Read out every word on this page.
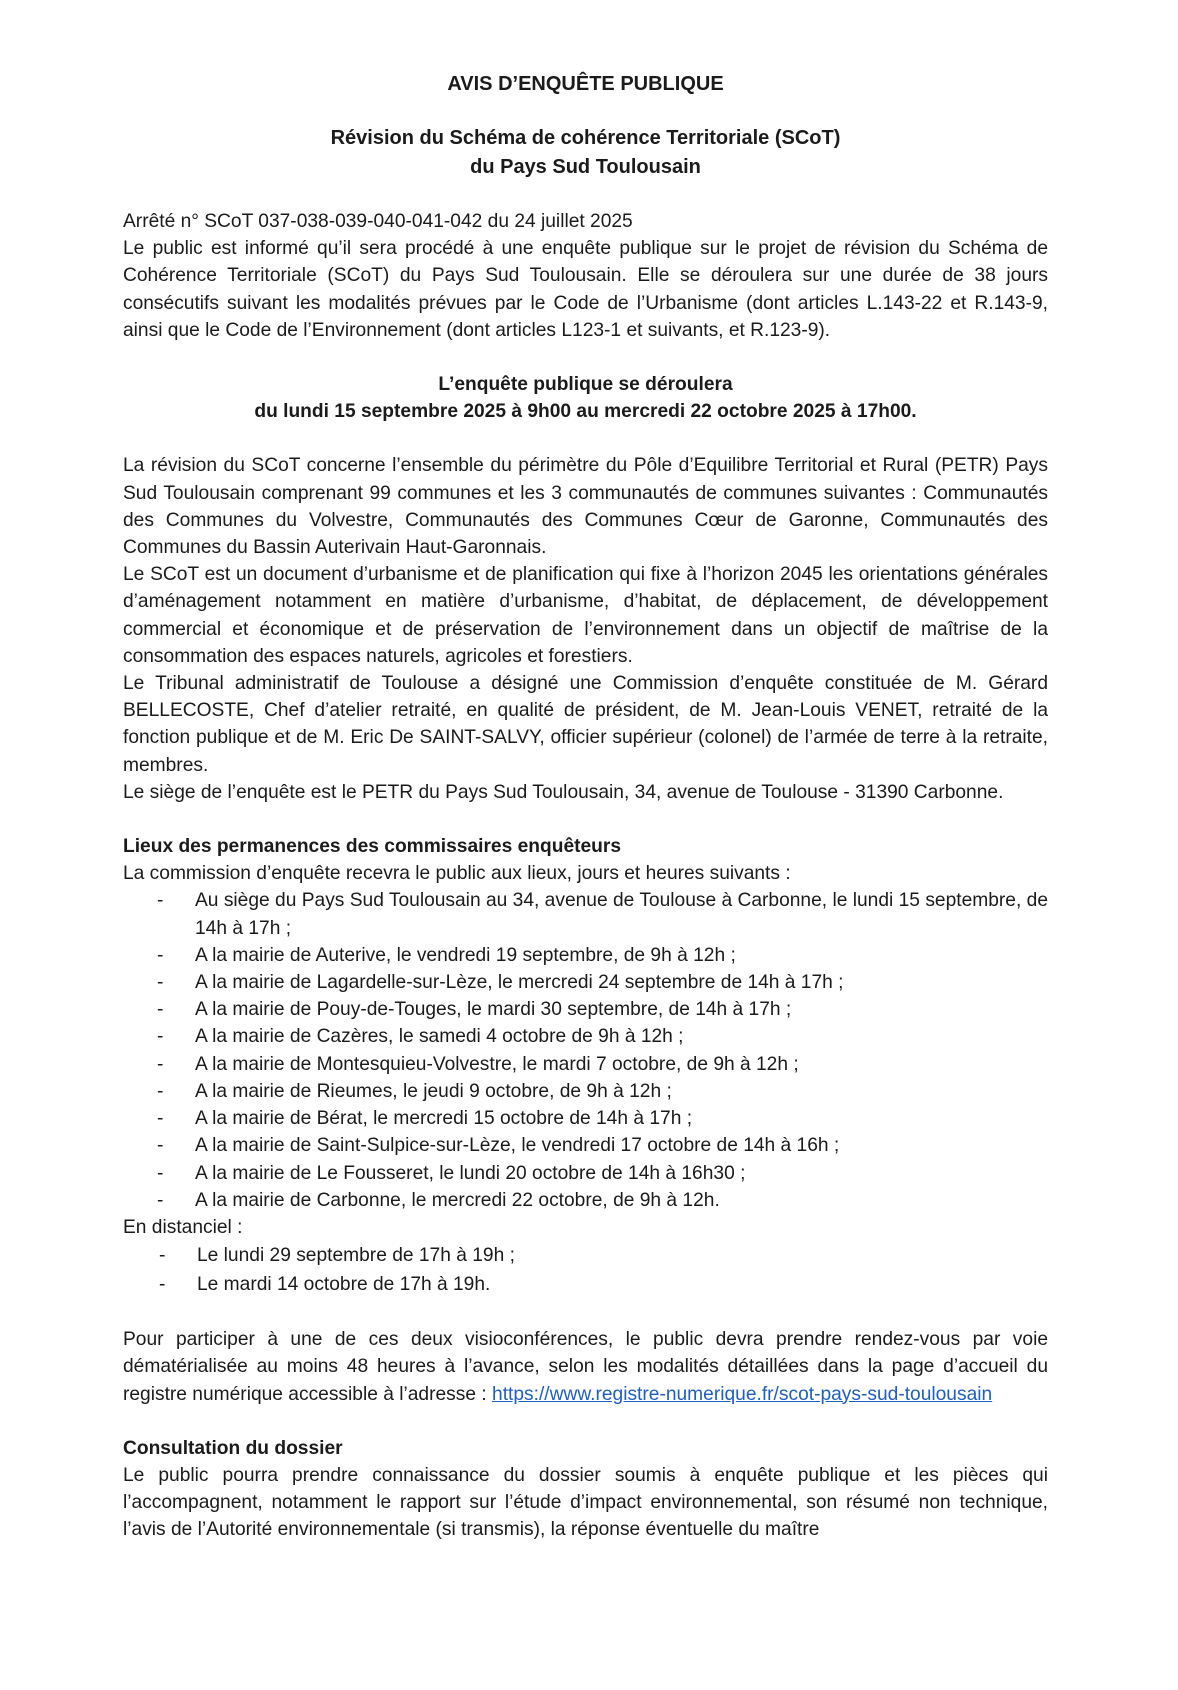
AVIS D’ENQUÊTE PUBLIQUE
Révision du Schéma de cohérence Territoriale (SCoT)
du Pays Sud Toulousain

Arrêté n° SCoT 037-038-039-040-041-042 du 24 juillet 2025

Le public est informé qu’il sera procédé à une enquête publique sur le projet de révision du Schéma de Cohérence Territoriale (SCoT) du Pays Sud Toulousain. Elle se déroulera sur une durée de 38 jours consécutifs suivant les modalités prévues par le Code de l’Urbanisme (dont articles L.143-22 et R.143-9, ainsi que le Code de l’Environnement (dont articles L123-1 et suivants, et R.123-9).

L’enquête publique se déroulera
du lundi 15 septembre 2025 à 9h00 au mercredi 22 octobre 2025 à 17h00.

La révision du SCoT concerne l’ensemble du périmètre du Pôle d’Equilibre Territorial et Rural (PETR) Pays Sud Toulousain comprenant 99 communes et les 3 communautés de communes suivantes : Communautés des Communes du Volvestre, Communautés des Communes Cœur de Garonne, Communautés des Communes du Bassin Auterivain Haut-Garonnais.

Le SCoT est un document d’urbanisme et de planification qui fixe à l’horizon 2045 les orientations générales d’aménagement notamment en matière d’urbanisme, d’habitat, de déplacement, de développement commercial et économique et de préservation de l’environnement dans un objectif de maîtrise de la consommation des espaces naturels, agricoles et forestiers.

Le Tribunal administratif de Toulouse a désigné une Commission d’enquête constituée de M. Gérard BELLECOSTE, Chef d’atelier retraité, en qualité de président, de M. Jean-Louis VENET, retraité de la fonction publique et de M. Eric De SAINT-SALVY, officier supérieur (colonel) de l’armée de terre à la retraite, membres.

Le siège de l’enquête est le PETR du Pays Sud Toulousain, 34, avenue de Toulouse - 31390 Carbonne.

Lieux des permanences des commissaires enquêteurs

La commission d’enquête recevra le public aux lieux, jours et heures suivants :

- Au siège du Pays Sud Toulousain au 34, avenue de Toulouse à Carbonne, le lundi 15 septembre, de 14h à 17h ;
- A la mairie de Auterive, le vendredi 19 septembre, de 9h à 12h ;
- A la mairie de Lagardelle-sur-Lèze, le mercredi 24 septembre de 14h à 17h ;
- A la mairie de Pouy-de-Touges, le mardi 30 septembre, de 14h à 17h ;
- A la mairie de Cazères, le samedi 4 octobre de 9h à 12h ;
- A la mairie de Montesquieu-Volvestre, le mardi 7 octobre, de 9h à 12h ;
- A la mairie de Rieumes, le jeudi 9 octobre, de 9h à 12h ;
- A la mairie de Bérat, le mercredi 15 octobre de 14h à 17h ;
- A la mairie de Saint-Sulpice-sur-Lèze, le vendredi 17 octobre de 14h à 16h ;
- A la mairie de Le Fousseret, le lundi 20 octobre de 14h à 16h30 ;
- A la mairie de Carbonne, le mercredi 22 octobre, de 9h à 12h.

En distanciel :

- Le lundi 29 septembre de 17h à 19h ;
- Le mardi 14 octobre de 17h à 19h.

Pour participer à une de ces deux visioconférences, le public devra prendre rendez-vous par voie dématérialisée au moins 48 heures à l’avance, selon les modalités détaillées dans la page d’accueil du registre numérique accessible à l’adresse : https://www.registre-numerique.fr/scot-pays-sud-toulousain

Consultation du dossier

Le public pourra prendre connaissance du dossier soumis à enquête publique et les pièces qui l’accompagnent, notamment le rapport sur l’étude d’impact environnemental, son résumé non technique, l’avis de l’Autorité environnementale (si transmis), la réponse éventuelle du maître
